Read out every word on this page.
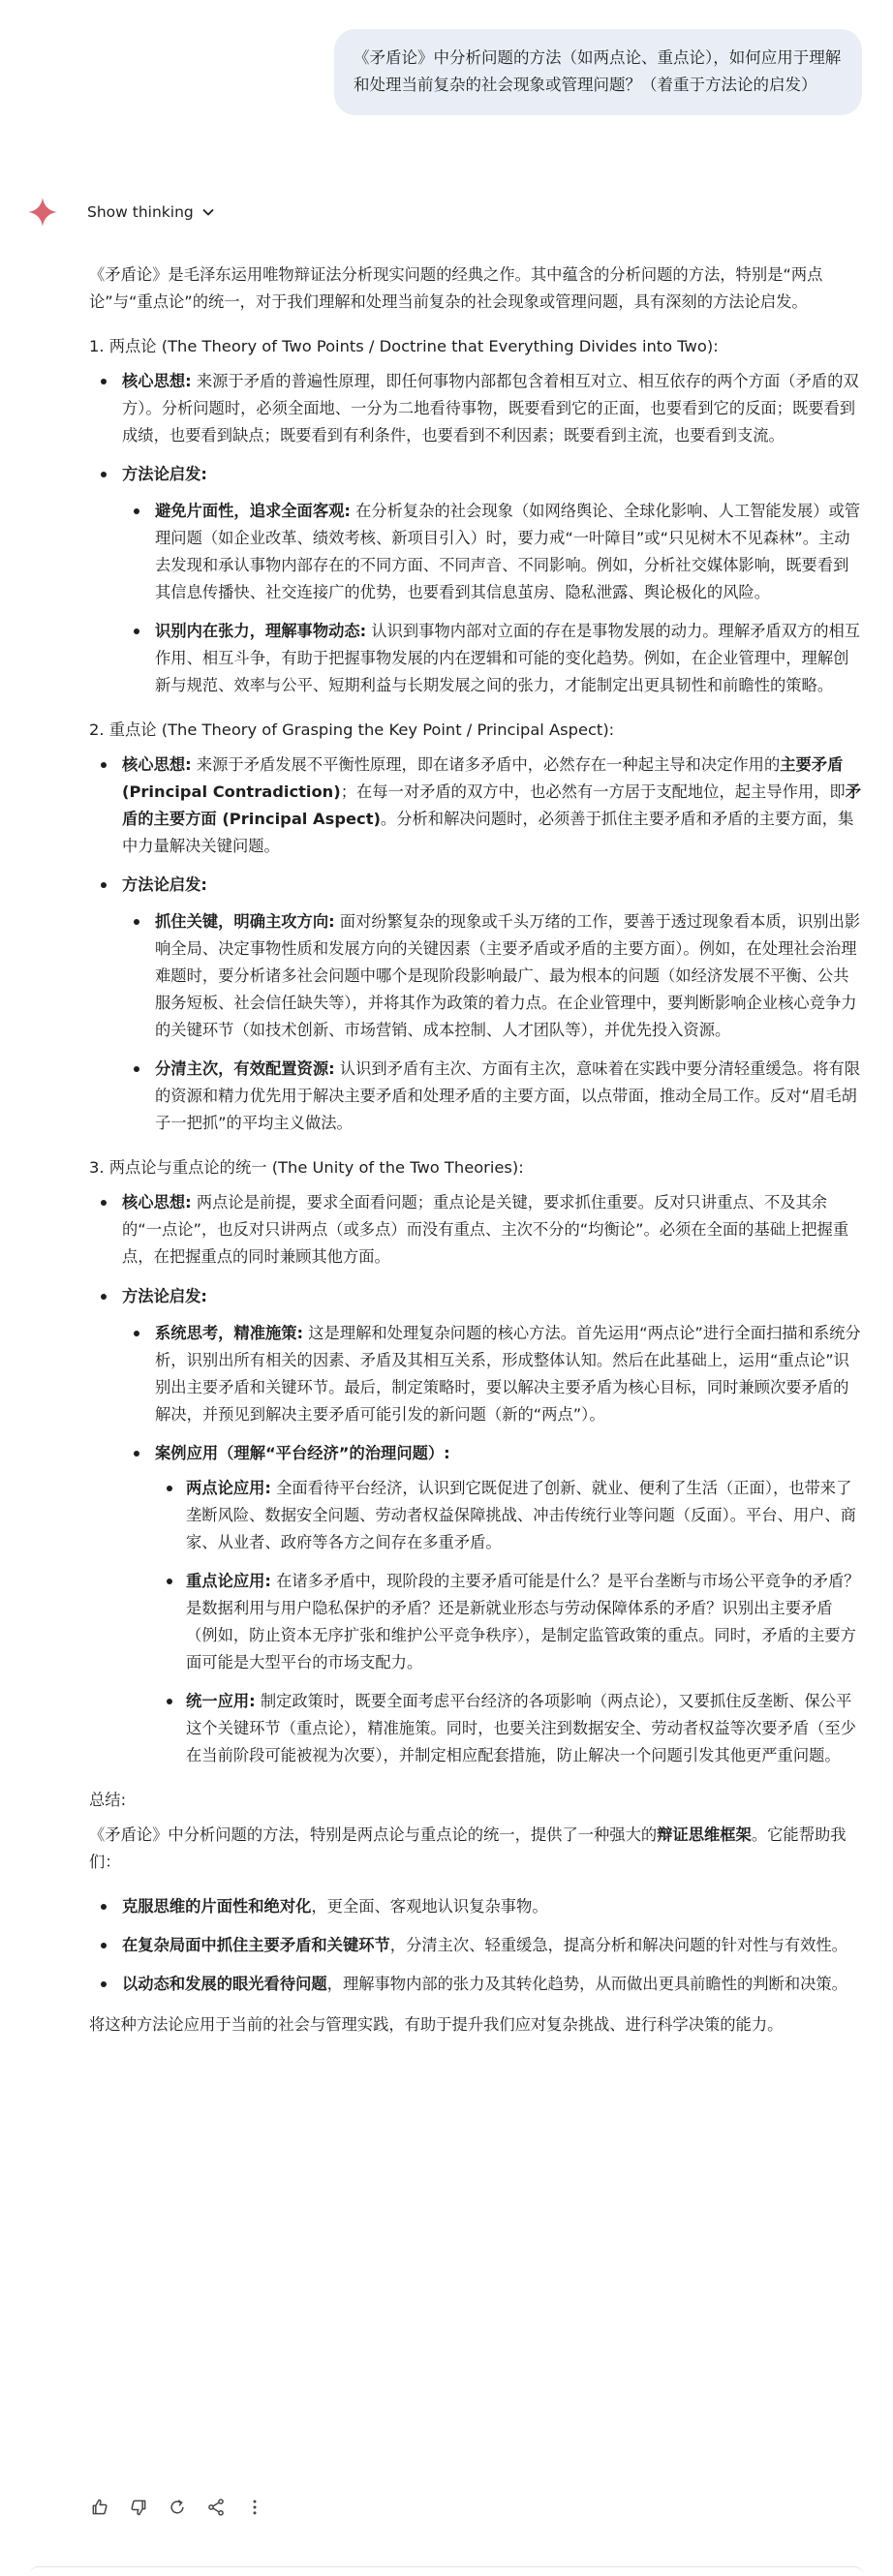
《矛盾论》中分析问题的方法（如两点论、重点论），如何应用于理解和处理当前复杂的社会现象或管理问题？（着重于方法论的启发）
Show thinking

《矛盾论》是毛泽东运用唯物辩证法分析现实问题的经典之作。其中蕴含的分析问题的方法，特别是“两点论”与“重点论”的统一，对于我们理解和处理当前复杂的社会现象或管理问题，具有深刻的方法论启发。

1. 两点论 (The Theory of Two Points / Doctrine that Everything Divides into Two):
核心思想: 来源于矛盾的普遍性原理，即任何事物内部都包含着相互对立、相互依存的两个方面（矛盾的双方）。分析问题时，必须全面地、一分为二地看待事物，既要看到它的正面，也要看到它的反面；既要看到成绩，也要看到缺点；既要看到有利条件，也要看到不利因素；既要看到主流，也要看到支流。
方法论启发:
避免片面性，追求全面客观: 在分析复杂的社会现象（如网络舆论、全球化影响、人工智能发展）或管理问题（如企业改革、绩效考核、新项目引入）时，要力戒“一叶障目”或“只见树木不见森林”。主动去发现和承认事物内部存在的不同方面、不同声音、不同影响。例如，分析社交媒体影响，既要看到其信息传播快、社交连接广的优势，也要看到其信息茧房、隐私泄露、舆论极化的风险。
识别内在张力，理解事物动态: 认识到事物内部对立面的存在是事物发展的动力。理解矛盾双方的相互作用、相互斗争，有助于把握事物发展的内在逻辑和可能的变化趋势。例如，在企业管理中，理解创新与规范、效率与公平、短期利益与长期发展之间的张力，才能制定出更具韧性和前瞻性的策略。
2. 重点论 (The Theory of Grasping the Key Point / Principal Aspect):
核心思想: 来源于矛盾发展不平衡性原理，即在诸多矛盾中，必然存在一种起主导和决定作用的主要矛盾 (Principal Contradiction)；在每一对矛盾的双方中，也必然有一方居于支配地位，起主导作用，即矛盾的主要方面 (Principal Aspect)。分析和解决问题时，必须善于抓住主要矛盾和矛盾的主要方面，集中力量解决关键问题。
方法论启发:
抓住关键，明确主攻方向: 面对纷繁复杂的现象或千头万绪的工作，要善于透过现象看本质，识别出影响全局、决定事物性质和发展方向的关键因素（主要矛盾或矛盾的主要方面）。例如，在处理社会治理难题时，要分析诸多社会问题中哪个是现阶段影响最广、最为根本的问题（如经济发展不平衡、公共服务短板、社会信任缺失等），并将其作为政策的着力点。在企业管理中，要判断影响企业核心竞争力的关键环节（如技术创新、市场营销、成本控制、人才团队等），并优先投入资源。
分清主次，有效配置资源: 认识到矛盾有主次、方面有主次，意味着在实践中要分清轻重缓急。将有限的资源和精力优先用于解决主要矛盾和处理矛盾的主要方面，以点带面，推动全局工作。反对“眉毛胡子一把抓”的平均主义做法。
3. 两点论与重点论的统一 (The Unity of the Two Theories):
核心思想: 两点论是前提，要求全面看问题；重点论是关键，要求抓住重要。反对只讲重点、不及其余的“一点论”，也反对只讲两点（或多点）而没有重点、主次不分的“均衡论”。必须在全面的基础上把握重点，在把握重点的同时兼顾其他方面。
方法论启发:
系统思考，精准施策: 这是理解和处理复杂问题的核心方法。首先运用“两点论”进行全面扫描和系统分析，识别出所有相关的因素、矛盾及其相互关系，形成整体认知。然后在此基础上，运用“重点论”识别出主要矛盾和关键环节。最后，制定策略时，要以解决主要矛盾为核心目标，同时兼顾次要矛盾的解决，并预见到解决主要矛盾可能引发的新问题（新的“两点”）。
案例应用（理解“平台经济”的治理问题）:
两点论应用: 全面看待平台经济，认识到它既促进了创新、就业、便利了生活（正面），也带来了垄断风险、数据安全问题、劳动者权益保障挑战、冲击传统行业等问题（反面）。平台、用户、商家、从业者、政府等各方之间存在多重矛盾。
重点论应用: 在诸多矛盾中，现阶段的主要矛盾可能是什么？是平台垄断与市场公平竞争的矛盾？是数据利用与用户隐私保护的矛盾？还是新就业形态与劳动保障体系的矛盾？识别出主要矛盾（例如，防止资本无序扩张和维护公平竞争秩序），是制定监管政策的重点。同时，矛盾的主要方面可能是大型平台的市场支配力。
统一应用: 制定政策时，既要全面考虑平台经济的各项影响（两点论），又要抓住反垄断、保公平这个关键环节（重点论），精准施策。同时，也要关注到数据安全、劳动者权益等次要矛盾（至少在当前阶段可能被视为次要），并制定相应配套措施，防止解决一个问题引发其他更严重问题。
总结:

《矛盾论》中分析问题的方法，特别是两点论与重点论的统一，提供了一种强大的辩证思维框架。它能帮助我们：

克服思维的片面性和绝对化，更全面、客观地认识复杂事物。
在复杂局面中抓住主要矛盾和关键环节，分清主次、轻重缓急，提高分析和解决问题的针对性与有效性。
以动态和发展的眼光看待问题，理解事物内部的张力及其转化趋势，从而做出更具前瞻性的判断和决策。

将这种方法论应用于当前的社会与管理实践，有助于提升我们应对复杂挑战、进行科学决策的能力。
